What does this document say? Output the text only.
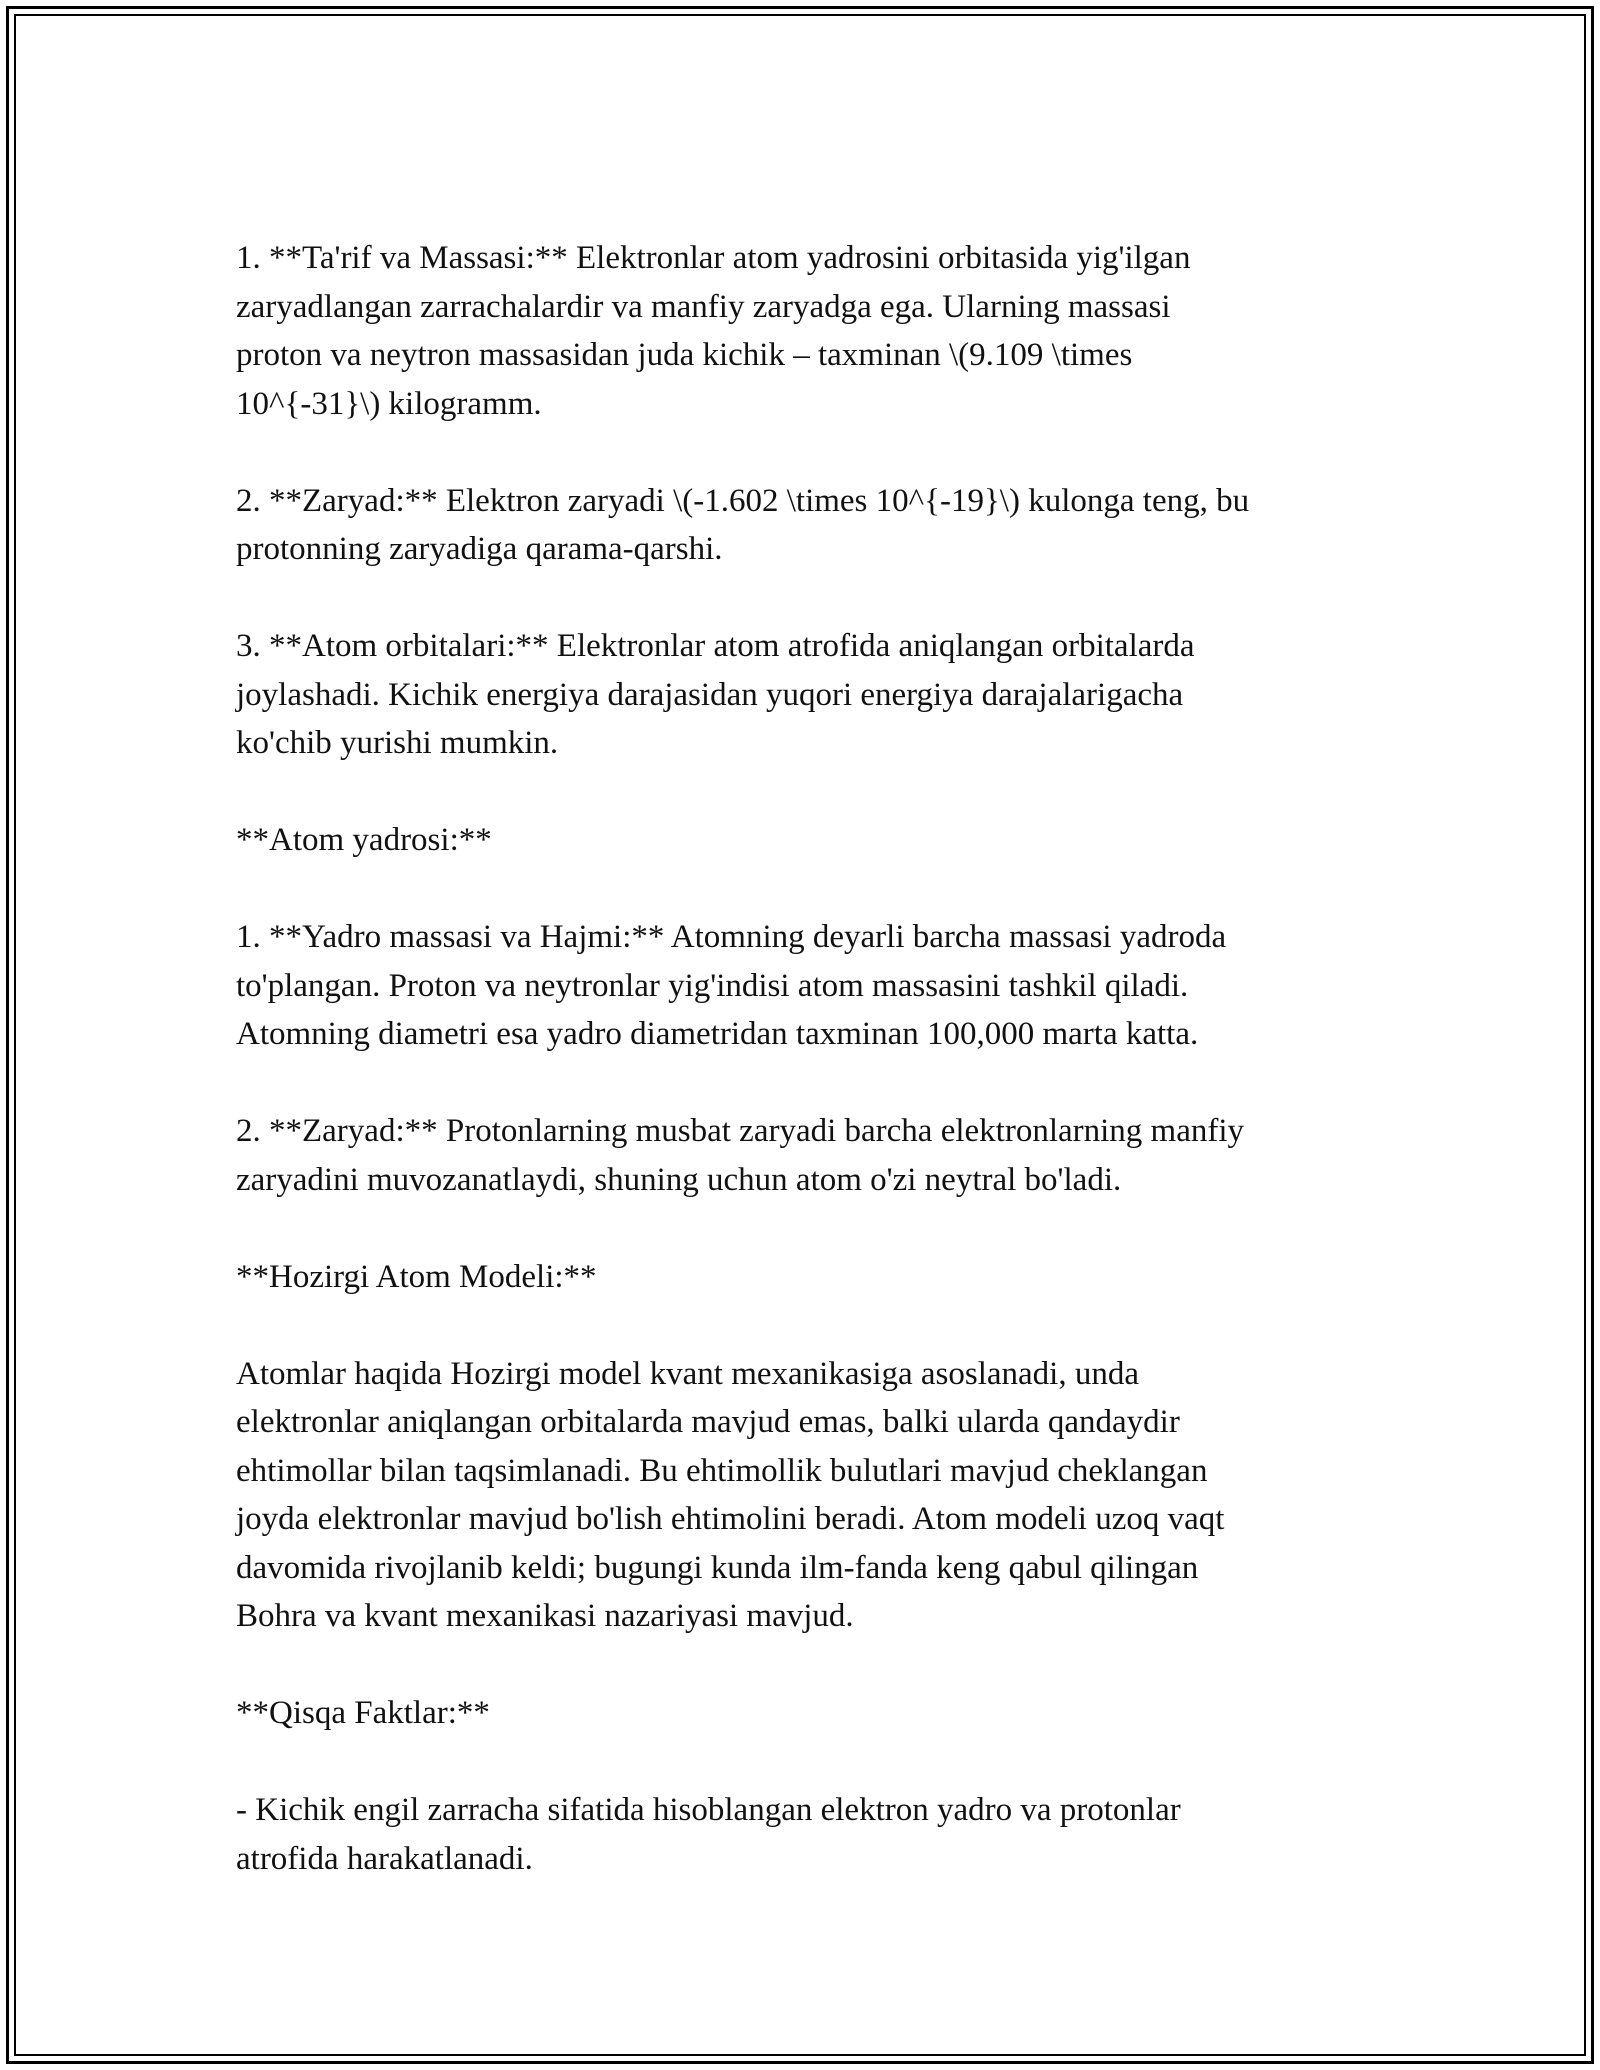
1. **Ta'rif va Massasi:** Elektronlar atom yadrosini orbitasida yig'ilgan
zaryadlangan zarrachalardir va manfiy zaryadga ega. Ularning massasi
proton va neytron massasidan juda kichik – taxminan \(9.109 \times
10^{-31}\) kilogramm.

2. **Zaryad:** Elektron zaryadi \(-1.602 \times 10^{-19}\) kulonga teng, bu
protonning zaryadiga qarama-qarshi.

3. **Atom orbitalari:** Elektronlar atom atrofida aniqlangan orbitalarda
joylashadi. Kichik energiya darajasidan yuqori energiya darajalarigacha
ko'chib yurishi mumkin.

**Atom yadrosi:**

1. **Yadro massasi va Hajmi:** Atomning deyarli barcha massasi yadroda
to'plangan. Proton va neytronlar yig'indisi atom massasini tashkil qiladi.
Atomning diametri esa yadro diametridan taxminan 100,000 marta katta.

2. **Zaryad:** Protonlarning musbat zaryadi barcha elektronlarning manfiy
zaryadini muvozanatlaydi, shuning uchun atom o'zi neytral bo'ladi.

**Hozirgi Atom Modeli:**

Atomlar haqida Hozirgi model kvant mexanikasiga asoslanadi, unda
elektronlar aniqlangan orbitalarda mavjud emas, balki ularda qandaydir
ehtimollar bilan taqsimlanadi. Bu ehtimollik bulutlari mavjud cheklangan
joyda elektronlar mavjud bo'lish ehtimolini beradi. Atom modeli uzoq vaqt
davomida rivojlanib keldi; bugungi kunda ilm-fanda keng qabul qilingan
Bohra va kvant mexanikasi nazariyasi mavjud.

**Qisqa Faktlar:**

- Kichik engil zarracha sifatida hisoblangan elektron yadro va protonlar
atrofida harakatlanadi.
